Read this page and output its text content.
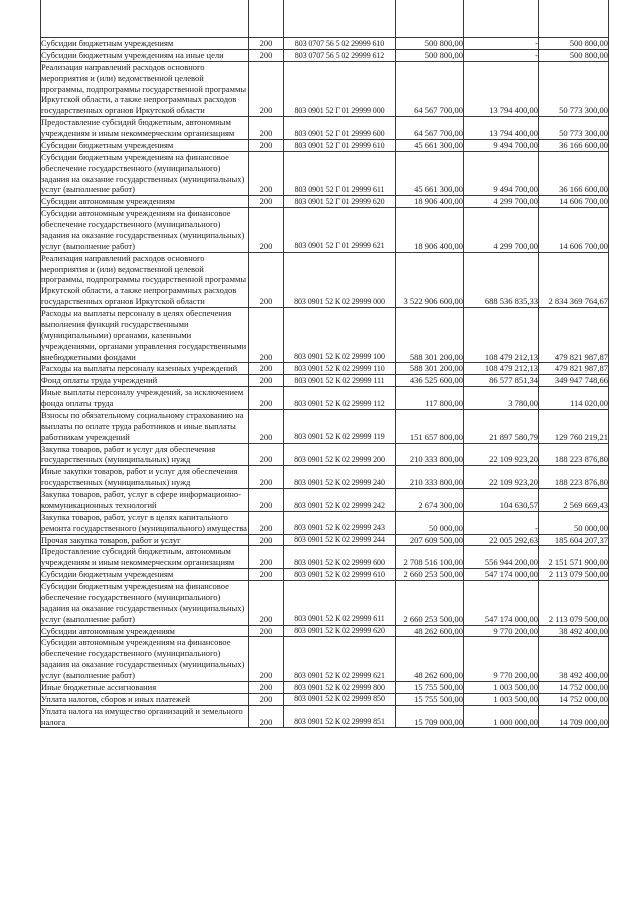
Субсидии бюджетным учреждениям	200	803 0707 56 5 02 29999 610	500 800,00	-	500 800,00
Субсидии бюджетным учреждениям на иные цели	200	803 0707 56 5 02 29999 612	500 800,00	-	500 800,00
Реализация направлений расходов основного мероприятия и (или) ведомственной целевой программы, подпрограммы государственной программы Иркутской области, а также непрограммных расходов государственных органов Иркутской области	200	803 0901 52 Г 01 29999 000	64 567 700,00	13 794 400,00	50 773 300,00
Предоставление субсидий бюджетным, автономным учреждениям и иным некоммерческим организациям	200	803 0901 52 Г 01 29999 600	64 567 700,00	13 794 400,00	50 773 300,00
Субсидии бюджетным учреждениям	200	803 0901 52 Г 01 29999 610	45 661 300,00	9 494 700,00	36 166 600,00
Субсидии бюджетным учреждениям на финансовое обеспечение государственного (муниципального) задания на оказание государственных (муниципальных) услуг (выполнение работ)	200	803 0901 52 Г 01 29999 611	45 661 300,00	9 494 700,00	36 166 600,00
Субсидии автономным учреждениям	200	803 0901 52 Г 01 29999 620	18 906 400,00	4 299 700,00	14 606 700,00
Субсидии автономным учреждениям на финансовое обеспечение государственного (муниципального) задания на оказание государственных (муниципальных) услуг (выполнение работ)	200	803 0901 52 Г 01 29999 621	18 906 400,00	4 299 700,00	14 606 700,00
Реализация направлений расходов основного мероприятия и (или) ведомственной целевой программы, подпрограммы государственной программы Иркутской области, а также непрограммных расходов государственных органов Иркутской области	200	803 0901 52 К 02 29999 000	3 522 906 600,00	688 536 835,33	2 834 369 764,67
Расходы на выплаты персоналу в целях обеспечения выполнения функций государственными (муниципальными) органами, казенными учреждениями, органами управления государственными внебюджетными фондами	200	803 0901 52 К 02 29999 100	588 301 200,00	108 479 212,13	479 821 987,87
Расходы на выплаты персоналу казенных учреждений	200	803 0901 52 К 02 29999 110	588 301 200,00	108 479 212,13	479 821 987,87
Фонд оплаты труда учреждений	200	803 0901 52 К 02 29999 111	436 525 600,00	86 577 851,34	349 947 748,66
Иные выплаты персоналу учреждений, за исключением фонда оплаты труда	200	803 0901 52 К 02 29999 112	117 800,00	3 780,00	114 020,00
Взносы по обязательному социальному страхованию на выплаты по оплате труда работников и иные выплаты работникам учреждений	200	803 0901 52 К 02 29999 119	151 657 800,00	21 897 580,79	129 760 219,21
Закупка товаров, работ и услуг для обеспечения государственных (муниципальных) нужд	200	803 0901 52 К 02 29999 200	210 333 800,00	22 109 923,20	188 223 876,80
Иные закупки товаров, работ и услуг для обеспечения государственных (муниципальных) нужд	200	803 0901 52 К 02 29999 240	210 333 800,00	22 109 923,20	188 223 876,80
Закупка товаров, работ, услуг в сфере информационно-коммуникационных технологий	200	803 0901 52 К 02 29999 242	2 674 300,00	104 630,57	2 569 669,43
Закупка товаров, работ, услуг в целях капитального ремонта государственного (муниципального) имущества	200	803 0901 52 К 02 29999 243	50 000,00	-	50 000,00
Прочая закупка товаров, работ и услуг	200	803 0901 52 К 02 29999 244	207 609 500,00	22 005 292,63	185 604 207,37
Предоставление субсидий бюджетным, автономным учреждениям и иным некоммерческим организациям	200	803 0901 52 К 02 29999 600	2 708 516 100,00	556 944 200,00	2 151 571 900,00
Субсидии бюджетным учреждениям	200	803 0901 52 К 02 29999 610	2 660 253 500,00	547 174 000,00	2 113 079 500,00
Субсидии бюджетным учреждениям на финансовое обеспечение государственного (муниципального) задания на оказание государственных (муниципальных) услуг (выполнение работ)	200	803 0901 52 К 02 29999 611	2 660 253 500,00	547 174 000,00	2 113 079 500,00
Субсидии автономным учреждениям	200	803 0901 52 К 02 29999 620	48 262 600,00	9 770 200,00	38 492 400,00
Субсидии автономным учреждениям на финансовое обеспечение государственного (муниципального) задания на оказание государственных (муниципальных) услуг (выполнение работ)	200	803 0901 52 К 02 29999 621	48 262 600,00	9 770 200,00	38 492 400,00
Иные бюджетные ассигнования	200	803 0901 52 К 02 29999 800	15 755 500,00	1 003 500,00	14 752 000,00
Уплата налогов, сборов и иных платежей	200	803 0901 52 К 02 29999 850	15 755 500,00	1 003 500,00	14 752 000,00
Уплата налога на имущество организаций и земельного налога	200	803 0901 52 К 02 29999 851	15 709 000,00	1 000 000,00	14 709 000,00
